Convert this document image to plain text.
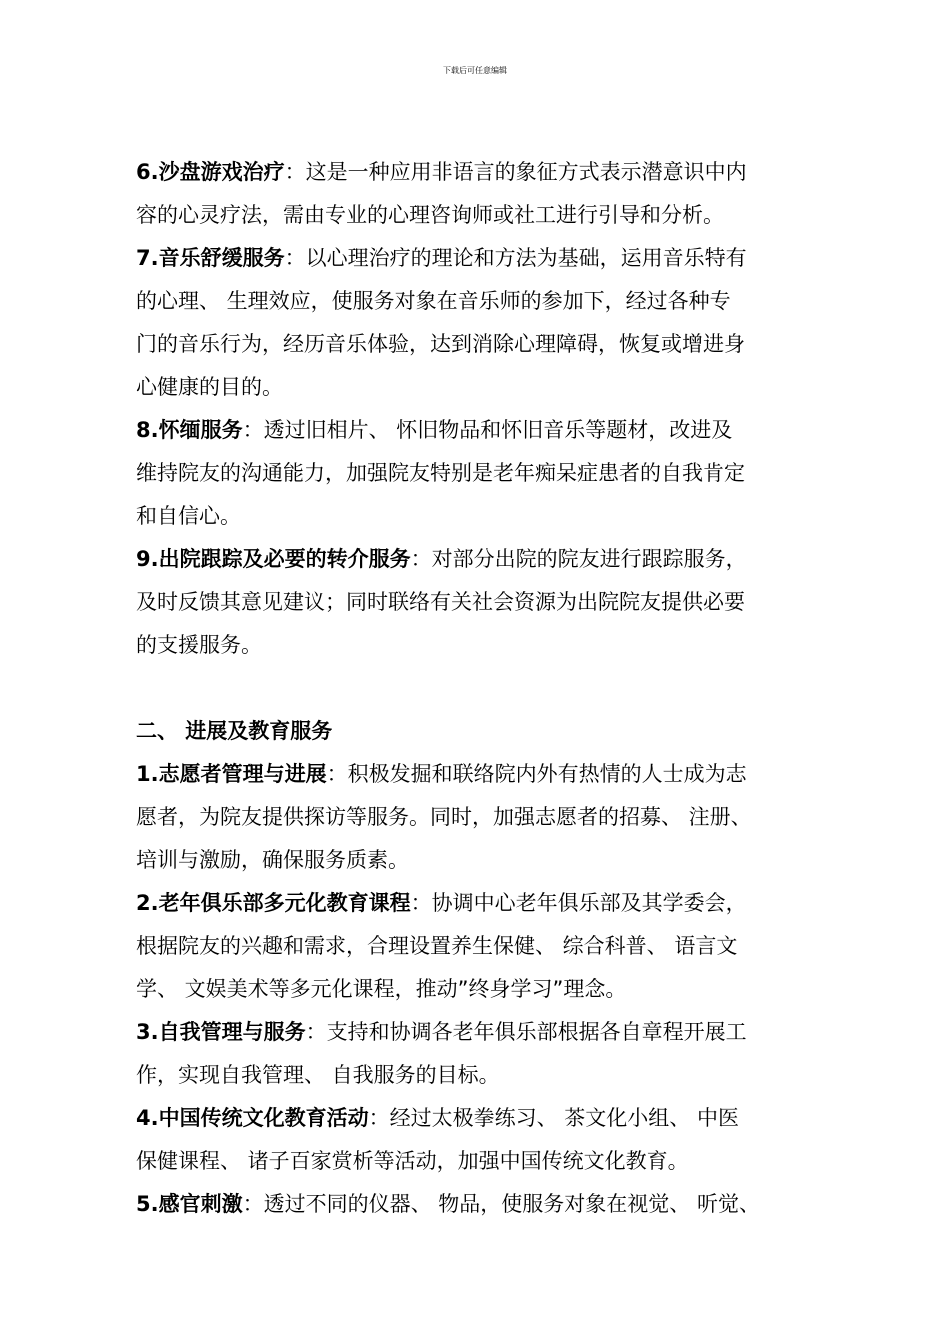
下载后可任意编辑
6.沙盘游戏治疗：这是一种应用非语言的象征方式表示潜意识中内
容的心灵疗法，需由专业的心理咨询师或社工进行引导和分析。
7.音乐舒缓服务：以心理治疗的理论和方法为基础，运用音乐特有
的心理、 生理效应，使服务对象在音乐师的参加下，经过各种专
门的音乐行为，经历音乐体验，达到消除心理障碍，恢复或增进身
心健康的目的。
8.怀缅服务：透过旧相片、 怀旧物品和怀旧音乐等题材，改进及
维持院友的沟通能力，加强院友特别是老年痴呆症患者的自我肯定
和自信心。
9.出院跟踪及必要的转介服务：对部分出院的院友进行跟踪服务，
及时反馈其意见建议；同时联络有关社会资源为出院院友提供必要
的支援服务。
二、 进展及教育服务
1.志愿者管理与进展：积极发掘和联络院内外有热情的人士成为志
愿者，为院友提供探访等服务。同时，加强志愿者的招募、 注册、
培训与激励，确保服务质素。
2.老年俱乐部多元化教育课程：协调中心老年俱乐部及其学委会，
根据院友的兴趣和需求，合理设置养生保健、 综合科普、 语言文
学、 文娱美术等多元化课程，推动”终身学习”理念。
3.自我管理与服务：支持和协调各老年俱乐部根据各自章程开展工
作，实现自我管理、 自我服务的目标。
4.中国传统文化教育活动：经过太极拳练习、 茶文化小组、 中医
保健课程、 诸子百家赏析等活动，加强中国传统文化教育。
5.感官刺激：透过不同的仪器、 物品，使服务对象在视觉、 听觉、
